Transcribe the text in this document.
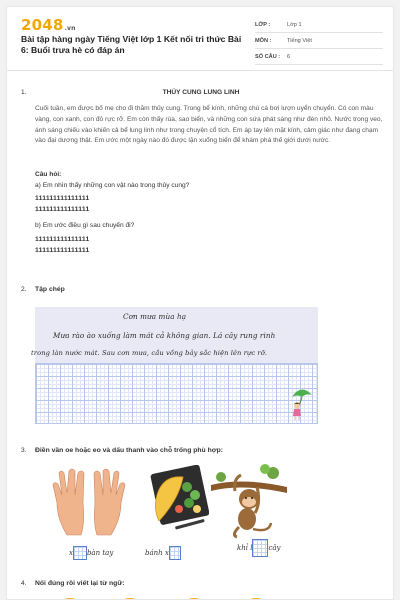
2048.vn
Bài tập hàng ngày Tiếng Việt lớp 1 Kết nối tri thức Bài 6: Buổi trưa hè có đáp án
LỚP :	Lớp 1
MÔN :	Tiếng Việt
SỐ CÂU :	6
1.	THÚY CUNG LUNG LINH
Cuối tuần, em được bố mẹ cho đi thăm thủy cung. Trong bể kính, những chú cá bơi lượn uyển chuyển. Có con màu vàng, con xanh, con đỏ rực rỡ. Em còn thấy rùa, sao biển, và những con sứa phát sáng như đèn nhỏ. Nước trong veo, ánh sáng chiếu vào khiến cả bể lung linh như trong chuyện cổ tích. Em áp tay lên mặt kính, cảm giác như đang chạm vào đại dương thật. Em ước một ngày nào đó được lặn xuống biển để khám phá thế giới dưới nước.
Câu hỏi:
a) Em nhìn thấy những con vật nào trong thủy cung?
111111111111111
111111111111111
b) Em ước điều gì sau chuyến đi?
111111111111111
111111111111111
2. Tập chép
Cơn mưa mùa hạ
Mưa rào ào xuống làm mát cả không gian. Lá cây rung rinh
trong làn nước mát. Sau cơn mưa, cầu vồng bảy sắc hiện lên rực rỡ.
3. Điền vần oe hoặc eo và dấu thanh vào chỗ trống phù hợp:
x bàn tay	bánh x
khỉ l cây
4. Nối đúng rồi viết lại từ ngữ:
